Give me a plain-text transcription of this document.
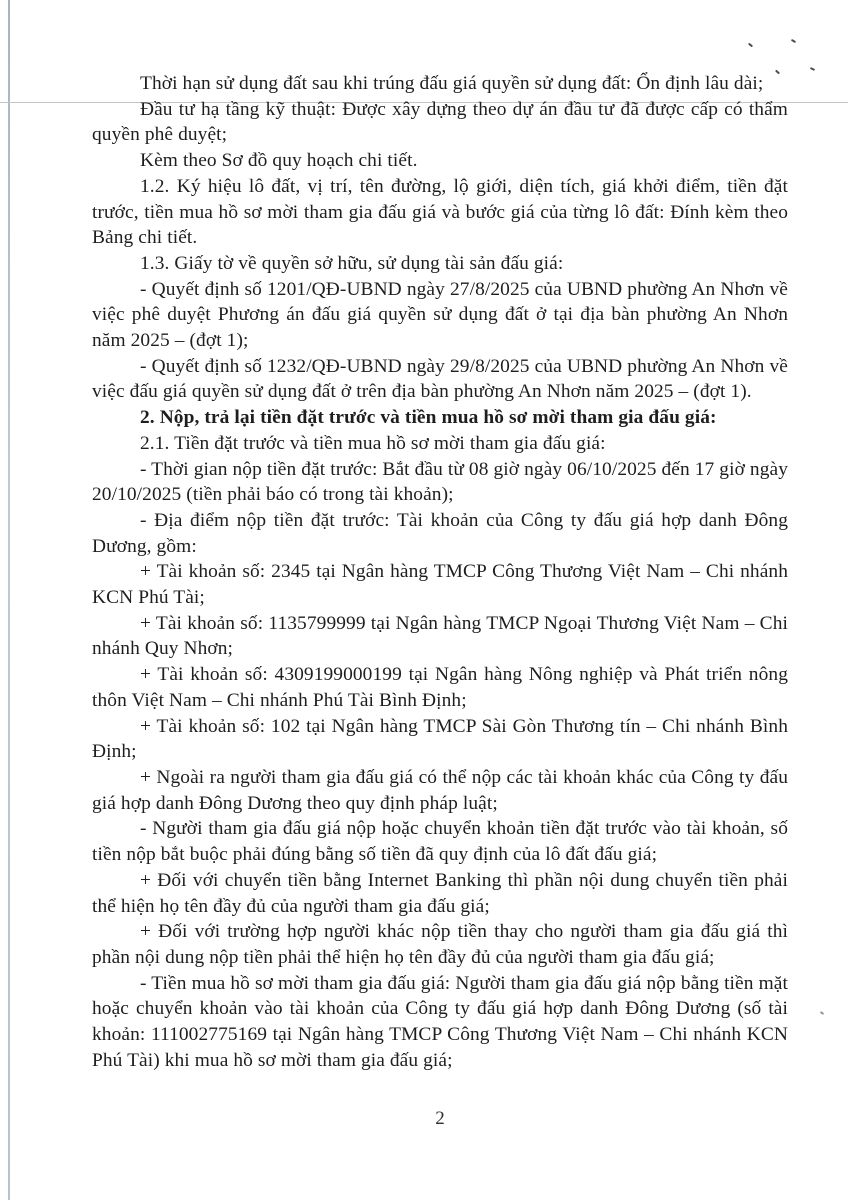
Thời hạn sử dụng đất sau khi trúng đấu giá quyền sử dụng đất: Ổn định lâu dài;

Đầu tư hạ tầng kỹ thuật: Được xây dựng theo dự án đầu tư đã được cấp có thẩm quyền phê duyệt;

Kèm theo Sơ đồ quy hoạch chi tiết.

1.2. Ký hiệu lô đất, vị trí, tên đường, lộ giới, diện tích, giá khởi điểm, tiền đặt trước, tiền mua hồ sơ mời tham gia đấu giá và bước giá của từng lô đất: Đính kèm theo Bảng chi tiết.

1.3. Giấy tờ về quyền sở hữu, sử dụng tài sản đấu giá:

- Quyết định số 1201/QĐ-UBND ngày 27/8/2025 của UBND phường An Nhơn về việc phê duyệt Phương án đấu giá quyền sử dụng đất ở tại địa bàn phường An Nhơn năm 2025 – (đợt 1);

- Quyết định số 1232/QĐ-UBND ngày 29/8/2025 của UBND phường An Nhơn về việc đấu giá quyền sử dụng đất ở trên địa bàn phường An Nhơn năm 2025 – (đợt 1).

2. Nộp, trả lại tiền đặt trước và tiền mua hồ sơ mời tham gia đấu giá:

2.1. Tiền đặt trước và tiền mua hồ sơ mời tham gia đấu giá:

- Thời gian nộp tiền đặt trước: Bắt đầu từ 08 giờ ngày 06/10/2025 đến 17 giờ ngày 20/10/2025 (tiền phải báo có trong tài khoản);

- Địa điểm nộp tiền đặt trước: Tài khoản của Công ty đấu giá hợp danh Đông Dương, gồm:

+ Tài khoản số: 2345 tại Ngân hàng TMCP Công Thương Việt Nam – Chi nhánh KCN Phú Tài;

+ Tài khoản số: 1135799999 tại Ngân hàng TMCP Ngoại Thương Việt Nam – Chi nhánh Quy Nhơn;

+ Tài khoản số: 4309199000199 tại Ngân hàng Nông nghiệp và Phát triển nông thôn Việt Nam – Chi nhánh Phú Tài Bình Định;

+ Tài khoản số: 102 tại Ngân hàng TMCP Sài Gòn Thương tín – Chi nhánh Bình Định;

+ Ngoài ra người tham gia đấu giá có thể nộp các tài khoản khác của Công ty đấu giá hợp danh Đông Dương theo quy định pháp luật;

- Người tham gia đấu giá nộp hoặc chuyển khoản tiền đặt trước vào tài khoản, số tiền nộp bắt buộc phải đúng bằng số tiền đã quy định của lô đất đấu giá;

+ Đối với chuyển tiền bằng Internet Banking thì phần nội dung chuyển tiền phải thể hiện họ tên đầy đủ của người tham gia đấu giá;

+ Đối với trường hợp người khác nộp tiền thay cho người tham gia đấu giá thì phần nội dung nộp tiền phải thể hiện họ tên đầy đủ của người tham gia đấu giá;

- Tiền mua hồ sơ mời tham gia đấu giá: Người tham gia đấu giá nộp bằng tiền mặt hoặc chuyển khoản vào tài khoản của Công ty đấu giá hợp danh Đông Dương (số tài khoản: 111002775169 tại Ngân hàng TMCP Công Thương Việt Nam – Chi nhánh KCN Phú Tài) khi mua hồ sơ mời tham gia đấu giá;

2
